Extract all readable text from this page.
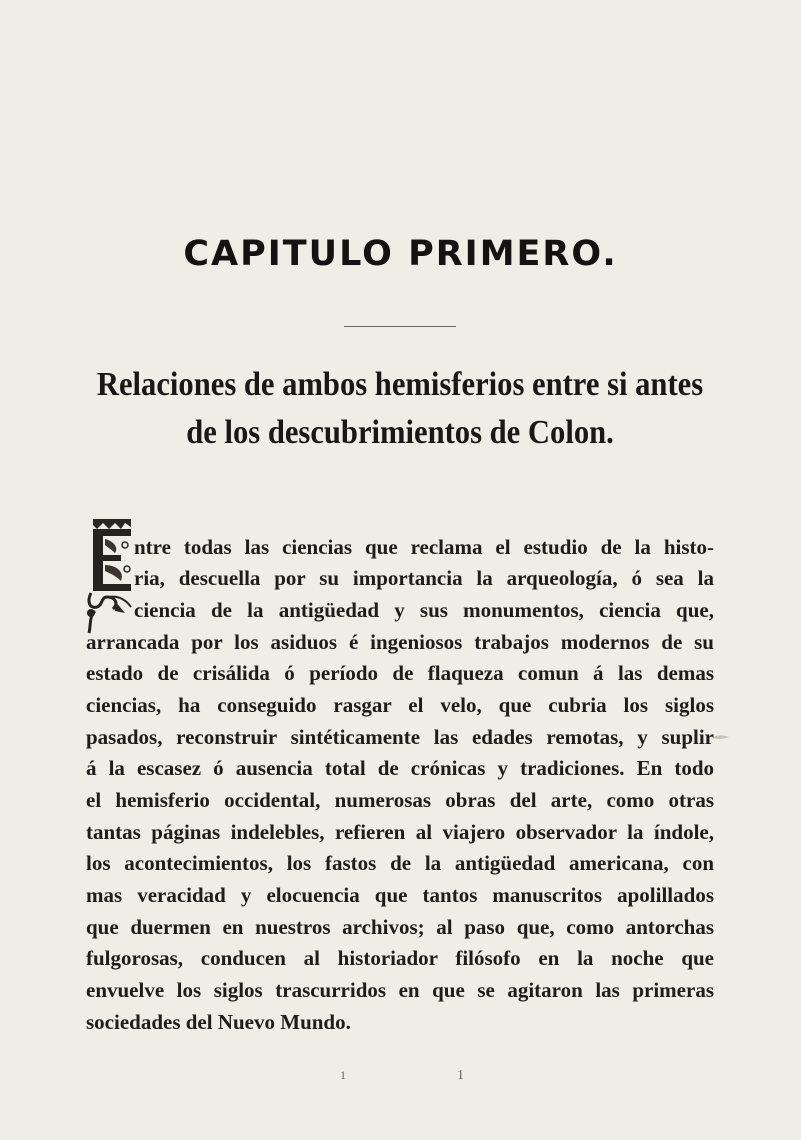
CAPITULO PRIMERO.
Relaciones de ambos hemisferios entre si antes
de los descubrimientos de Colon.
ntre todas las ciencias que reclama el estudio de la histo-
ria, descuella por su importancia la arqueología, ó sea la
ciencia de la antigüedad y sus monumentos, ciencia que,
arrancada por los asiduos é ingeniosos trabajos modernos de su
estado de crisálida ó período de flaqueza comun á las demas
ciencias, ha conseguido rasgar el velo, que cubria los siglos
pasados, reconstruir sintéticamente las edades remotas, y suplir
á la escasez ó ausencia total de crónicas y tradiciones. En todo
el hemisferio occidental, numerosas obras del arte, como otras
tantas páginas indelebles, refieren al viajero observador la índole,
los acontecimientos, los fastos de la antigüedad americana, con
mas veracidad y elocuencia que tantos manuscritos apolillados
que duermen en nuestros archivos; al paso que, como antorchas
fulgorosas, conducen al historiador filósofo en la noche que
envuelve los siglos trascurridos en que se agitaron las primeras
sociedades del Nuevo Mundo.
1	1
